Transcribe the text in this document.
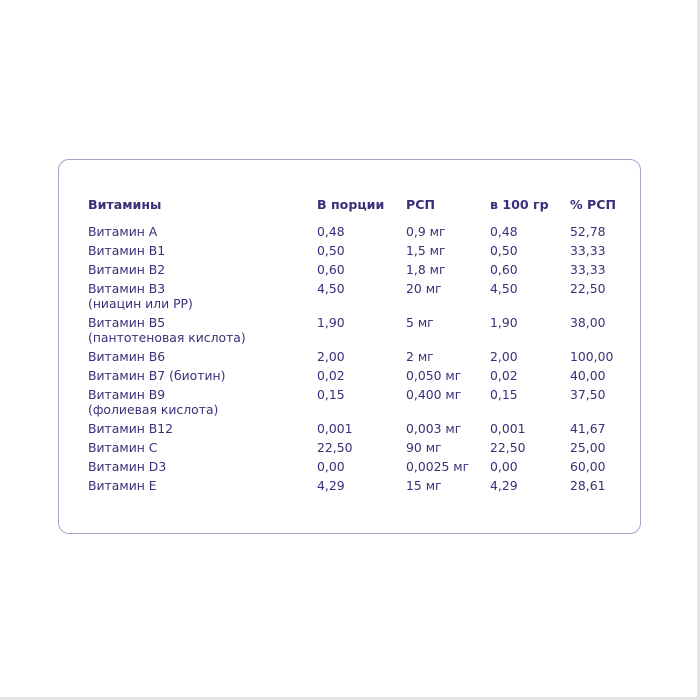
Витамины	В порции	РСП	в 100 гр	% РСП
Витамин А	0,48	0,9 мг	0,48	52,78
Витамин В1	0,50	1,5 мг	0,50	33,33
Витамин В2	0,60	1,8 мг	0,60	33,33
Витамин В3
(ниацин или РР)
4,50	20 мг	4,50	22,50
Витамин В5
(пантотеновая кислота)
1,90	5 мг	1,90	38,00
Витамин В6	2,00	2 мг	2,00	100,00
Витамин В7 (биотин)	0,02	0,050 мг	0,02	40,00
Витамин В9
(фолиевая кислота)
0,15	0,400 мг	0,15	37,50
Витамин В12	0,001	0,003 мг	0,001	41,67
Витамин С	22,50	90 мг	22,50	25,00
Витамин D3	0,00	0,0025 мг	0,00	60,00
Витамин Е	4,29	15 мг	4,29	28,61
